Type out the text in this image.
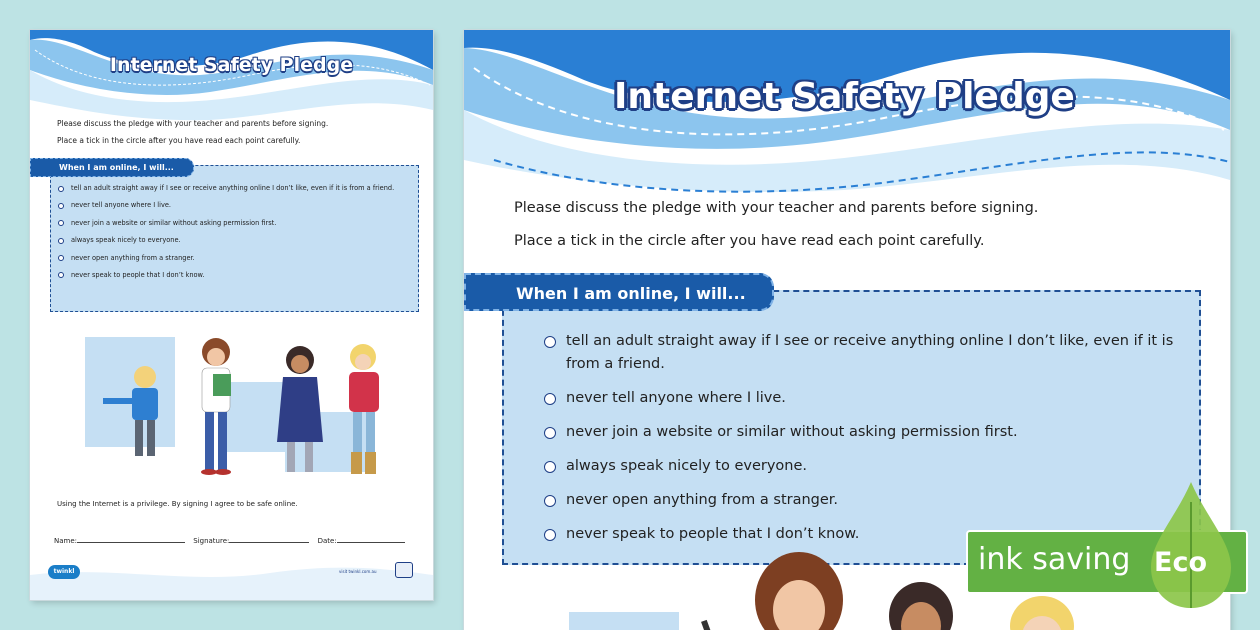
Internet Safety Pledge
Please discuss the pledge with your teacher and parents before signing.
Place a tick in the circle after you have read each point carefully.
When I am online, I will...
tell an adult straight away if I see or receive anything online I don’t like, even if it is from a friend.
never tell anyone where I live.
never join a website or similar without asking permission first.
always speak nicely to everyone.
never open anything from a stranger.
never speak to people that I don’t know.
Using the Internet is a privilege. By signing I agree to be safe online.
Name:	Signature:	Date:
twinkl	visit twinkl.com.au
Internet Safety Pledge
Please discuss the pledge with your teacher and parents before signing.
Place a tick in the circle after you have read each point carefully.
When I am online, I will...
tell an adult straight away if I see or receive anything online I don’t like, even if it is from a friend.
never tell anyone where I live.
never join a website or similar without asking permission first.
always speak nicely to everyone.
never open anything from a stranger.
never speak to people that I don’t know.
ink saving Eco
